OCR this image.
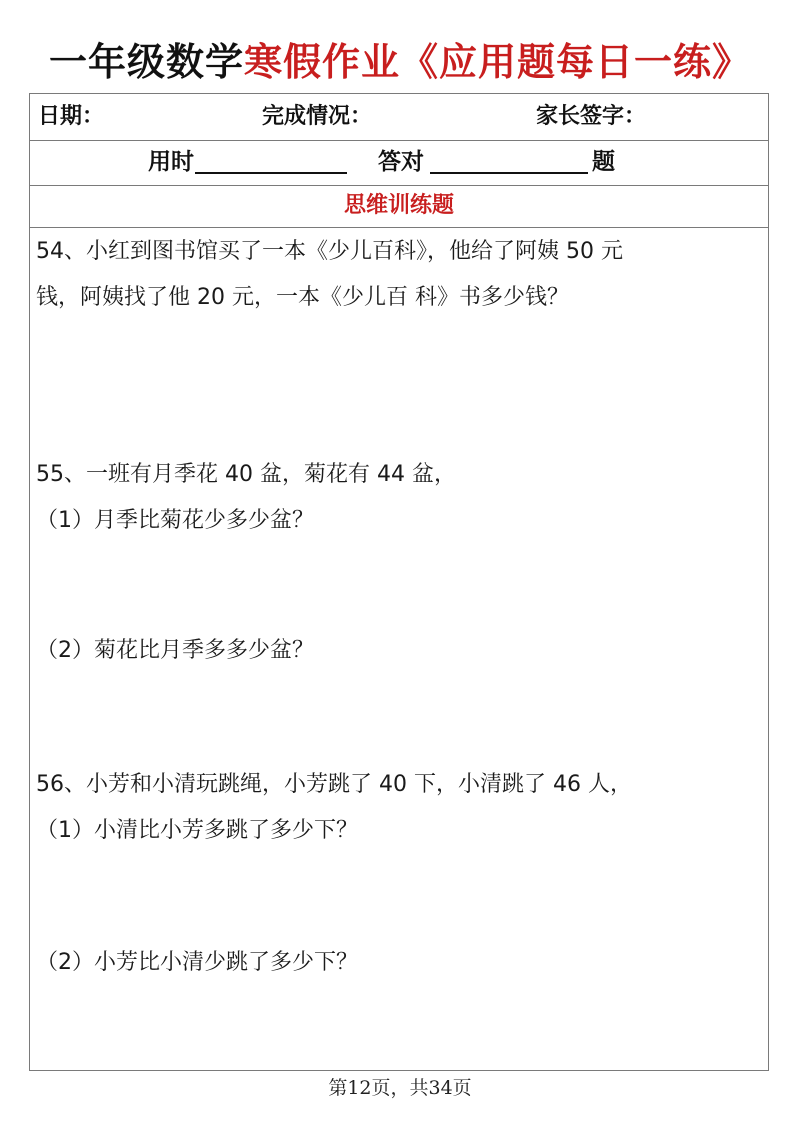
一年级数学寒假作业《应用题每日一练》
日期：	完成情况：	家长签字：
用时	答对	题
思维训练题
54、小红到图书馆买了一本《少儿百科》，他给了阿姨 50 元
钱，阿姨找了他 20 元，一本《少儿百 科》书多少钱？
55、一班有月季花 40 盆，菊花有 44 盆，
（1）月季比菊花少多少盆？
（2）菊花比月季多多少盆？
56、小芳和小清玩跳绳，小芳跳了 40 下，小清跳了 46 人，
（1）小清比小芳多跳了多少下？
（2）小芳比小清少跳了多少下？
第12页，共34页
